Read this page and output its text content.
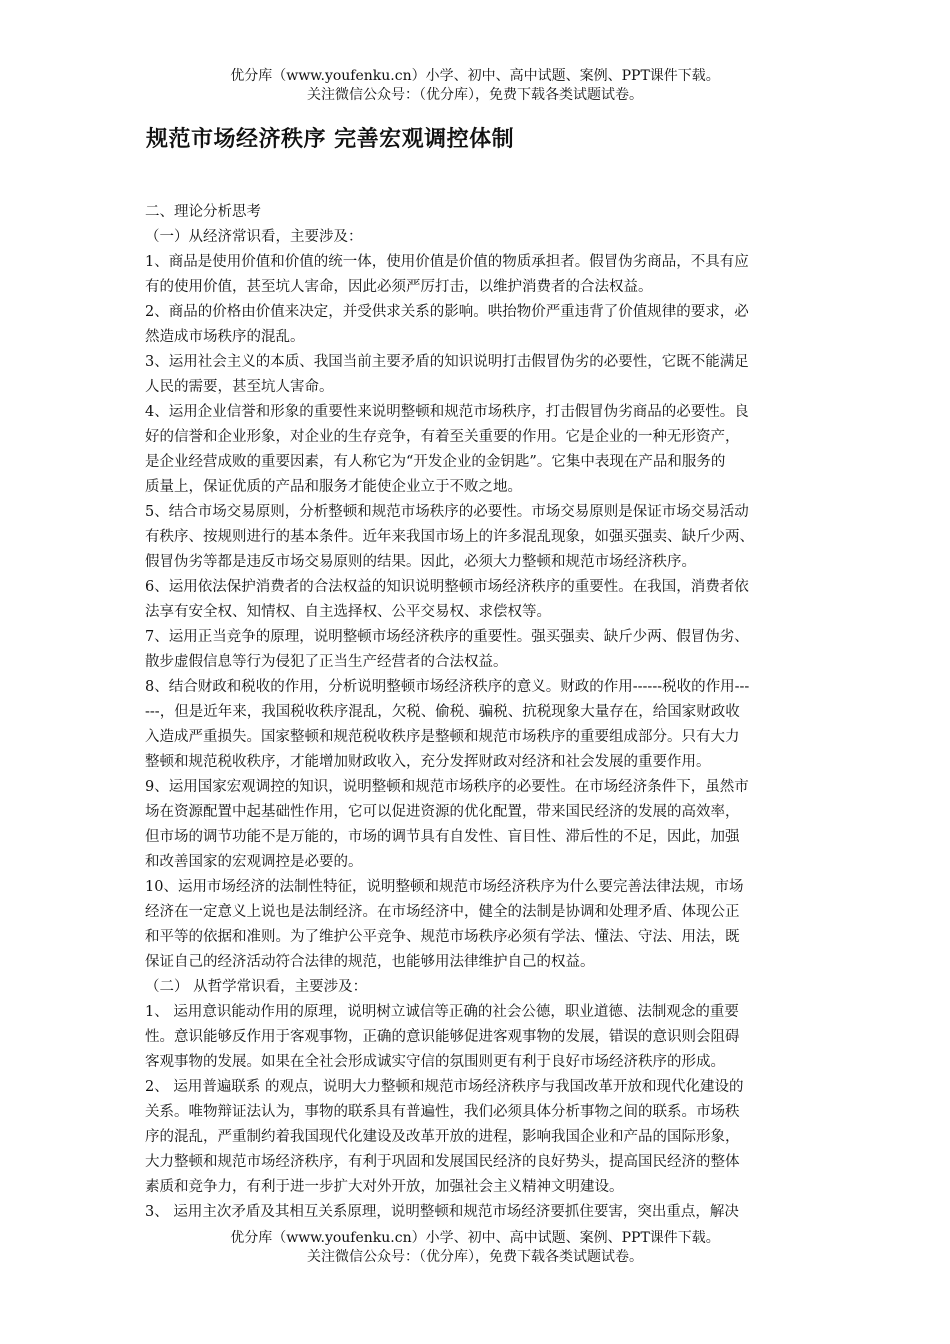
优分库（www.youfenku.cn）小学、初中、高中试题、案例、PPT课件下载。
关注微信公众号：（优分库），免费下载各类试题试卷。
规范市场经济秩序 完善宏观调控体制
二、理论分析思考
（一）从经济常识看，主要涉及：
1、商品是使用价值和价值的统一体，使用价值是价值的物质承担者。假冒伪劣商品，不具有应
有的使用价值，甚至坑人害命，因此必须严厉打击，以维护消费者的合法权益。
2、商品的价格由价值来决定，并受供求关系的影响。哄抬物价严重违背了价值规律的要求，必
然造成市场秩序的混乱。
3、运用社会主义的本质、我国当前主要矛盾的知识说明打击假冒伪劣的必要性，它既不能满足
人民的需要，甚至坑人害命。
4、运用企业信誉和形象的重要性来说明整顿和规范市场秩序，打击假冒伪劣商品的必要性。良
好的信誉和企业形象，对企业的生存竞争，有着至关重要的作用。它是企业的一种无形资产，
是企业经营成败的重要因素，有人称它为“开发企业的金钥匙”。它集中表现在产品和服务的
质量上，保证优质的产品和服务才能使企业立于不败之地。
5、结合市场交易原则，分析整顿和规范市场秩序的必要性。市场交易原则是保证市场交易活动
有秩序、按规则进行的基本条件。近年来我国市场上的许多混乱现象，如强买强卖、缺斤少两、
假冒伪劣等都是违反市场交易原则的结果。因此，必须大力整顿和规范市场经济秩序。
6、运用依法保护消费者的合法权益的知识说明整顿市场经济秩序的重要性。在我国，消费者依
法享有安全权、知情权、自主选择权、公平交易权、求偿权等。
7、运用正当竞争的原理，说明整顿市场经济秩序的重要性。强买强卖、缺斤少两、假冒伪劣、
散步虚假信息等行为侵犯了正当生产经营者的合法权益。
8、结合财政和税收的作用，分析说明整顿市场经济秩序的意义。财政的作用------税收的作用---
---，但是近年来，我国税收秩序混乱，欠税、偷税、骗税、抗税现象大量存在，给国家财政收
入造成严重损失。国家整顿和规范税收秩序是整顿和规范市场秩序的重要组成部分。只有大力
整顿和规范税收秩序，才能增加财政收入，充分发挥财政对经济和社会发展的重要作用。
9、运用国家宏观调控的知识，说明整顿和规范市场秩序的必要性。在市场经济条件下，虽然市
场在资源配置中起基础性作用，它可以促进资源的优化配置，带来国民经济的发展的高效率，
但市场的调节功能不是万能的，市场的调节具有自发性、盲目性、滞后性的不足，因此，加强
和改善国家的宏观调控是必要的。
10、运用市场经济的法制性特征，说明整顿和规范市场经济秩序为什么要完善法律法规，市场
经济在一定意义上说也是法制经济。在市场经济中，健全的法制是协调和处理矛盾、体现公正
和平等的依据和准则。为了维护公平竞争、规范市场秩序必须有学法、懂法、守法、用法，既
保证自己的经济活动符合法律的规范，也能够用法律维护自己的权益。
（二） 从哲学常识看，主要涉及：
1、 运用意识能动作用的原理，说明树立诚信等正确的社会公德，职业道德、法制观念的重要
性。意识能够反作用于客观事物，正确的意识能够促进客观事物的发展，错误的意识则会阻碍
客观事物的发展。如果在全社会形成诚实守信的氛围则更有利于良好市场经济秩序的形成。
2、 运用普遍联系 的观点，说明大力整顿和规范市场经济秩序与我国改革开放和现代化建设的
关系。唯物辩证法认为，事物的联系具有普遍性，我们必须具体分析事物之间的联系。市场秩
序的混乱，严重制约着我国现代化建设及改革开放的进程，影响我国企业和产品的国际形象，
大力整顿和规范市场经济秩序，有利于巩固和发展国民经济的良好势头，提高国民经济的整体
素质和竞争力，有利于进一步扩大对外开放，加强社会主义精神文明建设。
3、 运用主次矛盾及其相互关系原理，说明整顿和规范市场经济要抓住要害，突出重点，解决
优分库（www.youfenku.cn）小学、初中、高中试题、案例、PPT课件下载。
关注微信公众号：（优分库），免费下载各类试题试卷。
